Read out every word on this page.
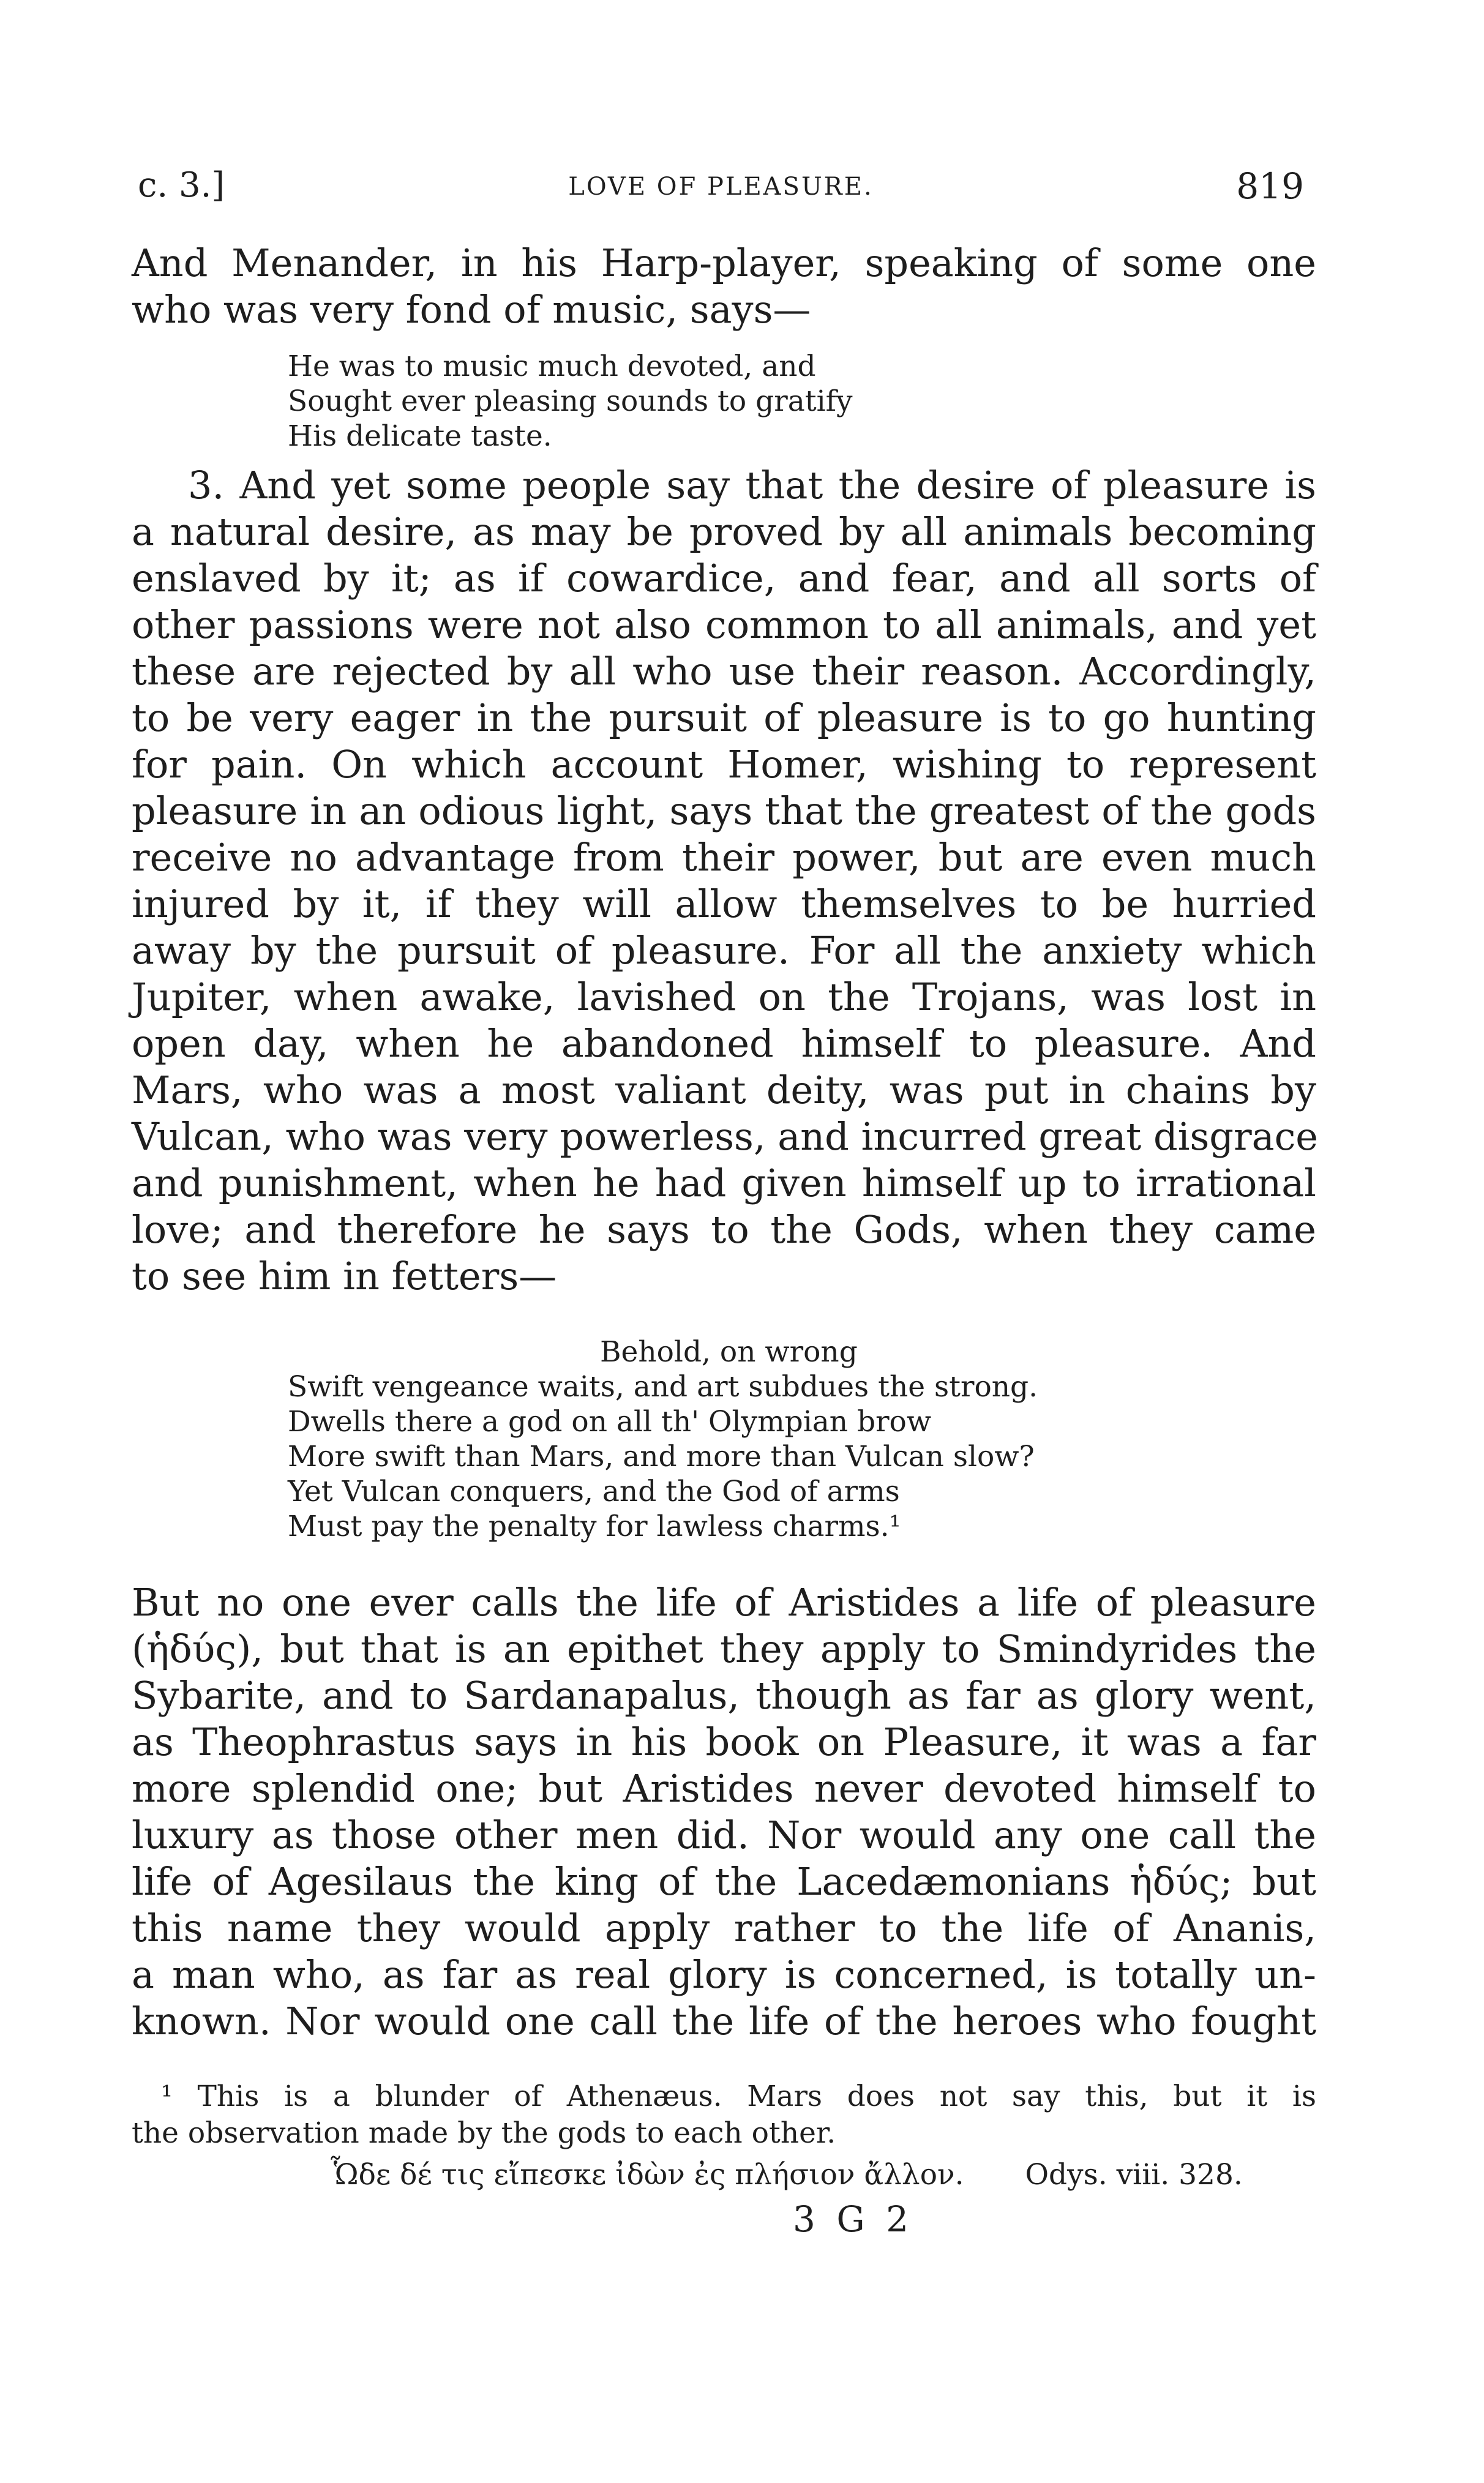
c. 3.]	LOVE OF PLEASURE.	819
And Menander, in his Harp-player, speaking of some one
who was very fond of music, says—
He was to music much devoted, and
Sought ever pleasing sounds to gratify
His delicate taste.
3. And yet some people say that the desire of pleasure is
a natural desire, as may be proved by all animals becoming
enslaved by it; as if cowardice, and fear, and all sorts of
other passions were not also common to all animals, and yet
these are rejected by all who use their reason. Accordingly,
to be very eager in the pursuit of pleasure is to go hunting
for pain. On which account Homer, wishing to represent
pleasure in an odious light, says that the greatest of the gods
receive no advantage from their power, but are even much
injured by it, if they will allow themselves to be hurried
away by the pursuit of pleasure. For all the anxiety which
Jupiter, when awake, lavished on the Trojans, was lost in
open day, when he abandoned himself to pleasure. And
Mars, who was a most valiant deity, was put in chains by
Vulcan, who was very powerless, and incurred great disgrace
and punishment, when he had given himself up to irrational
love; and therefore he says to the Gods, when they came
to see him in fetters—
Behold, on wrong
Swift vengeance waits, and art subdues the strong.
Dwells there a god on all th' Olympian brow
More swift than Mars, and more than Vulcan slow?
Yet Vulcan conquers, and the God of arms
Must pay the penalty for lawless charms.¹
But no one ever calls the life of Aristides a life of pleasure
(ἡδύς), but that is an epithet they apply to Smindyrides the
Sybarite, and to Sardanapalus, though as far as glory went,
as Theophrastus says in his book on Pleasure, it was a far
more splendid one; but Aristides never devoted himself to
luxury as those other men did. Nor would any one call the
life of Agesilaus the king of the Lacedæmonians ἡδύς; but
this name they would apply rather to the life of Ananis,
a man who, as far as real glory is concerned, is totally un-
known. Nor would one call the life of the heroes who fought
¹ This is a blunder of Athenæus. Mars does not say this, but it is
the observation made by the gods to each other.
Ὧδε δέ τις εἴπεσκε ἰδὼν ἐς πλήσιον ἄλλον. Odys. viii. 328.
3 G 2
